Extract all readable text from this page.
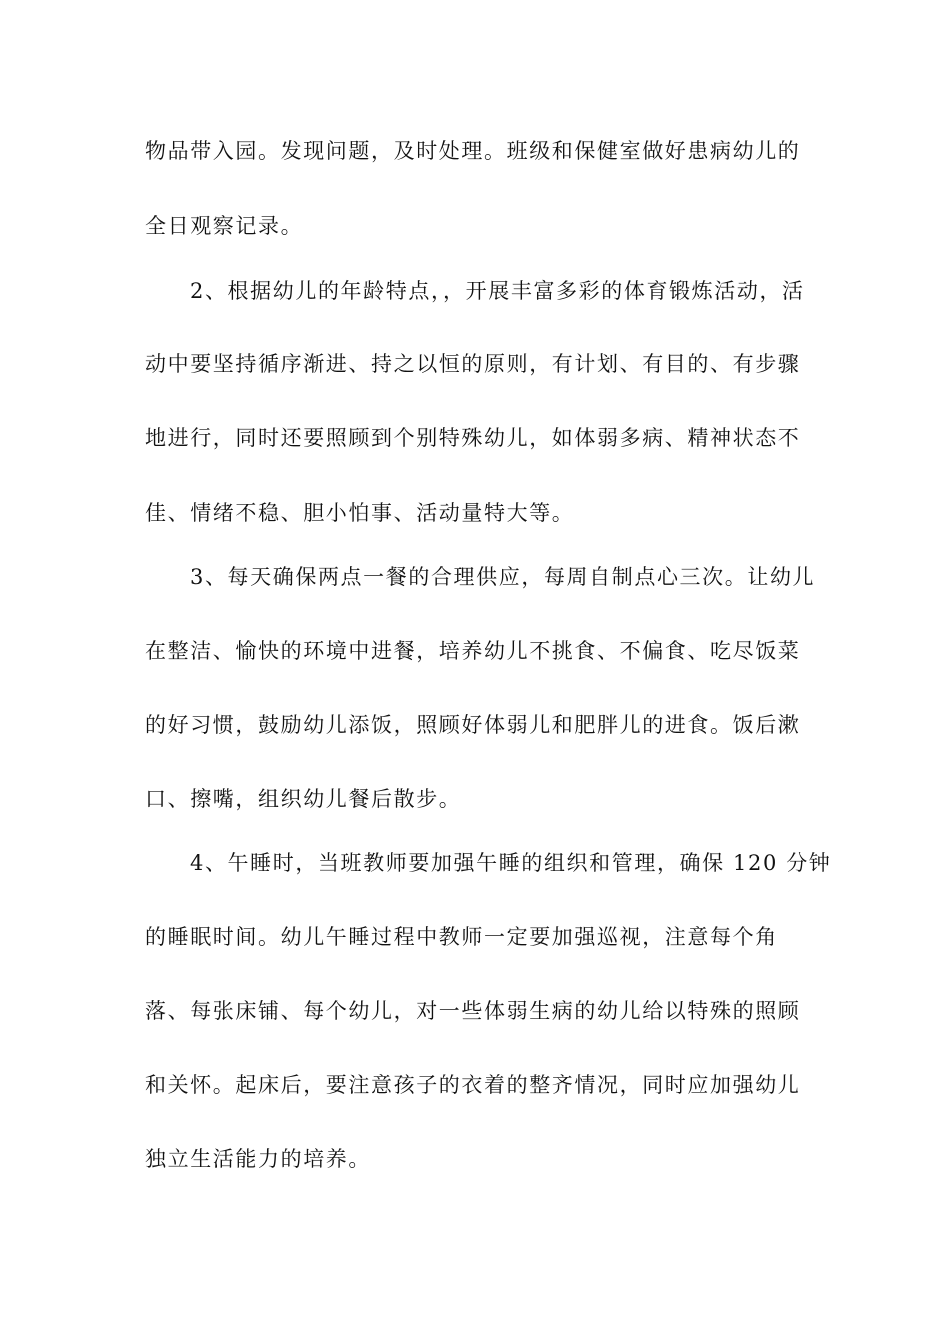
物品带入园。发现问题，及时处理。班级和保健室做好患病幼儿的
全日观察记录。
2、根据幼儿的年龄特点，，开展丰富多彩的体育锻炼活动，活
动中要坚持循序渐进、持之以恒的原则，有计划、有目的、有步骤
地进行，同时还要照顾到个别特殊幼儿，如体弱多病、精神状态不
佳、情绪不稳、胆小怕事、活动量特大等。
3、每天确保两点一餐的合理供应，每周自制点心三次。让幼儿
在整洁、愉快的环境中进餐，培养幼儿不挑食、不偏食、吃尽饭菜
的好习惯，鼓励幼儿添饭，照顾好体弱儿和肥胖儿的进食。饭后漱
口、擦嘴，组织幼儿餐后散步。
4、午睡时，当班教师要加强午睡的组织和管理，确保 120 分钟
的睡眠时间。幼儿午睡过程中教师一定要加强巡视，注意每个角
落、每张床铺、每个幼儿，对一些体弱生病的幼儿给以特殊的照顾
和关怀。起床后，要注意孩子的衣着的整齐情况，同时应加强幼儿
独立生活能力的培养。
